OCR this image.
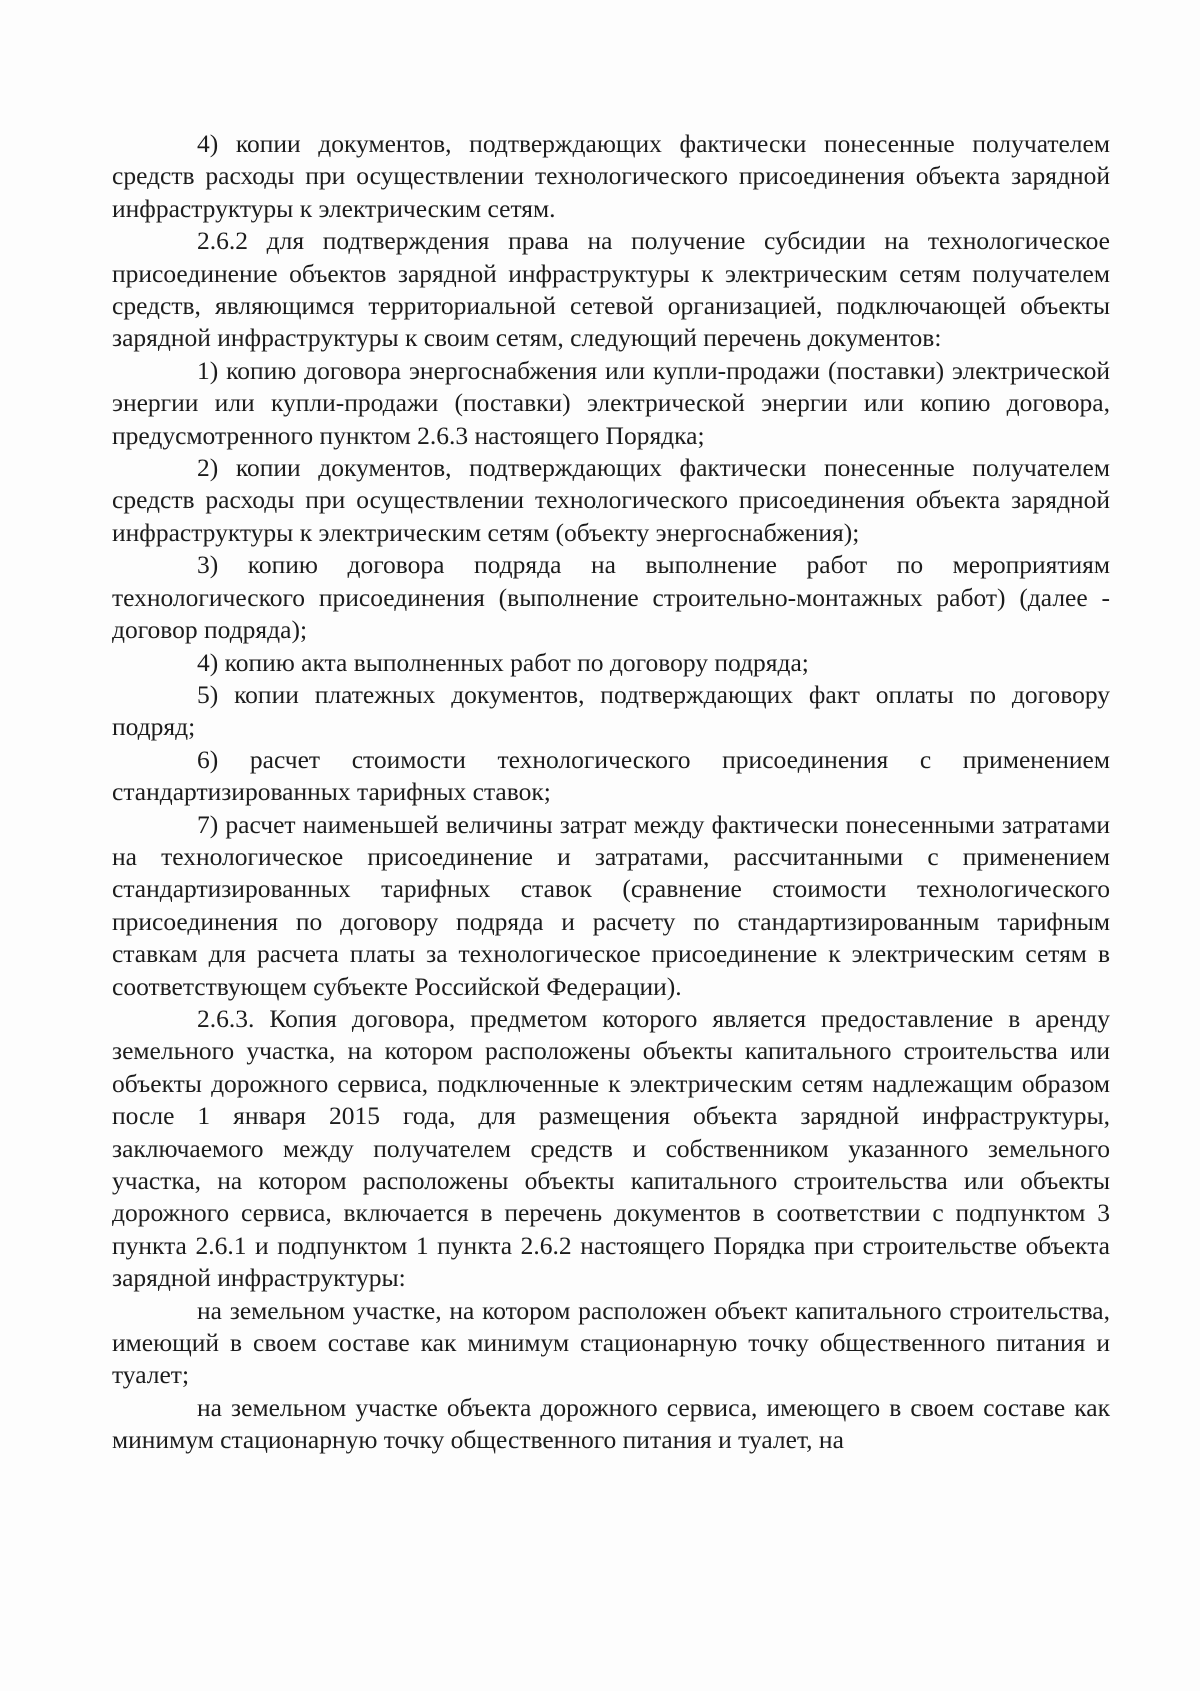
4) копии документов, подтверждающих фактически понесенные получателем средств расходы при осуществлении технологического присоединения объекта зарядной инфраструктуры к электрическим сетям.

2.6.2 для подтверждения права на получение субсидии на технологическое присоединение объектов зарядной инфраструктуры к электрическим сетям получателем средств, являющимся территориальной сетевой организацией, подключающей объекты зарядной инфраструктуры к своим сетям, следующий перечень документов:

1) копию договора энергоснабжения или купли-продажи (поставки) электрической энергии или купли-продажи (поставки) электрической энергии или копию договора, предусмотренного пунктом 2.6.3 настоящего Порядка;

2) копии документов, подтверждающих фактически понесенные получателем средств расходы при осуществлении технологического присоединения объекта зарядной инфраструктуры к электрическим сетям (объекту энергоснабжения);

3) копию договора подряда на выполнение работ по мероприятиям технологического присоединения (выполнение строительно-монтажных работ) (далее - договор подряда);

4) копию акта выполненных работ по договору подряда;

5) копии платежных документов, подтверждающих факт оплаты по договору подряд;

6) расчет стоимости технологического присоединения с применением стандартизированных тарифных ставок;

7) расчет наименьшей величины затрат между фактически понесенными затратами на технологическое присоединение и затратами, рассчитанными с применением стандартизированных тарифных ставок (сравнение стоимости технологического присоединения по договору подряда и расчету по стандартизированным тарифным ставкам для расчета платы за технологическое присоединение к электрическим сетям в соответствующем субъекте Российской Федерации).

2.6.3. Копия договора, предметом которого является предоставление в аренду земельного участка, на котором расположены объекты капитального строительства или объекты дорожного сервиса, подключенные к электрическим сетям надлежащим образом после 1 января 2015 года, для размещения объекта зарядной инфраструктуры, заключаемого между получателем средств и собственником указанного земельного участка, на котором расположены объекты капитального строительства или объекты дорожного сервиса, включается в перечень документов в соответствии с подпунктом 3 пункта 2.6.1 и подпунктом 1 пункта 2.6.2 настоящего Порядка при строительстве объекта зарядной инфраструктуры:

на земельном участке, на котором расположен объект капитального строительства, имеющий в своем составе как минимум стационарную точку общественного питания и туалет;

на земельном участке объекта дорожного сервиса, имеющего в своем составе как минимум стационарную точку общественного питания и туалет, на
